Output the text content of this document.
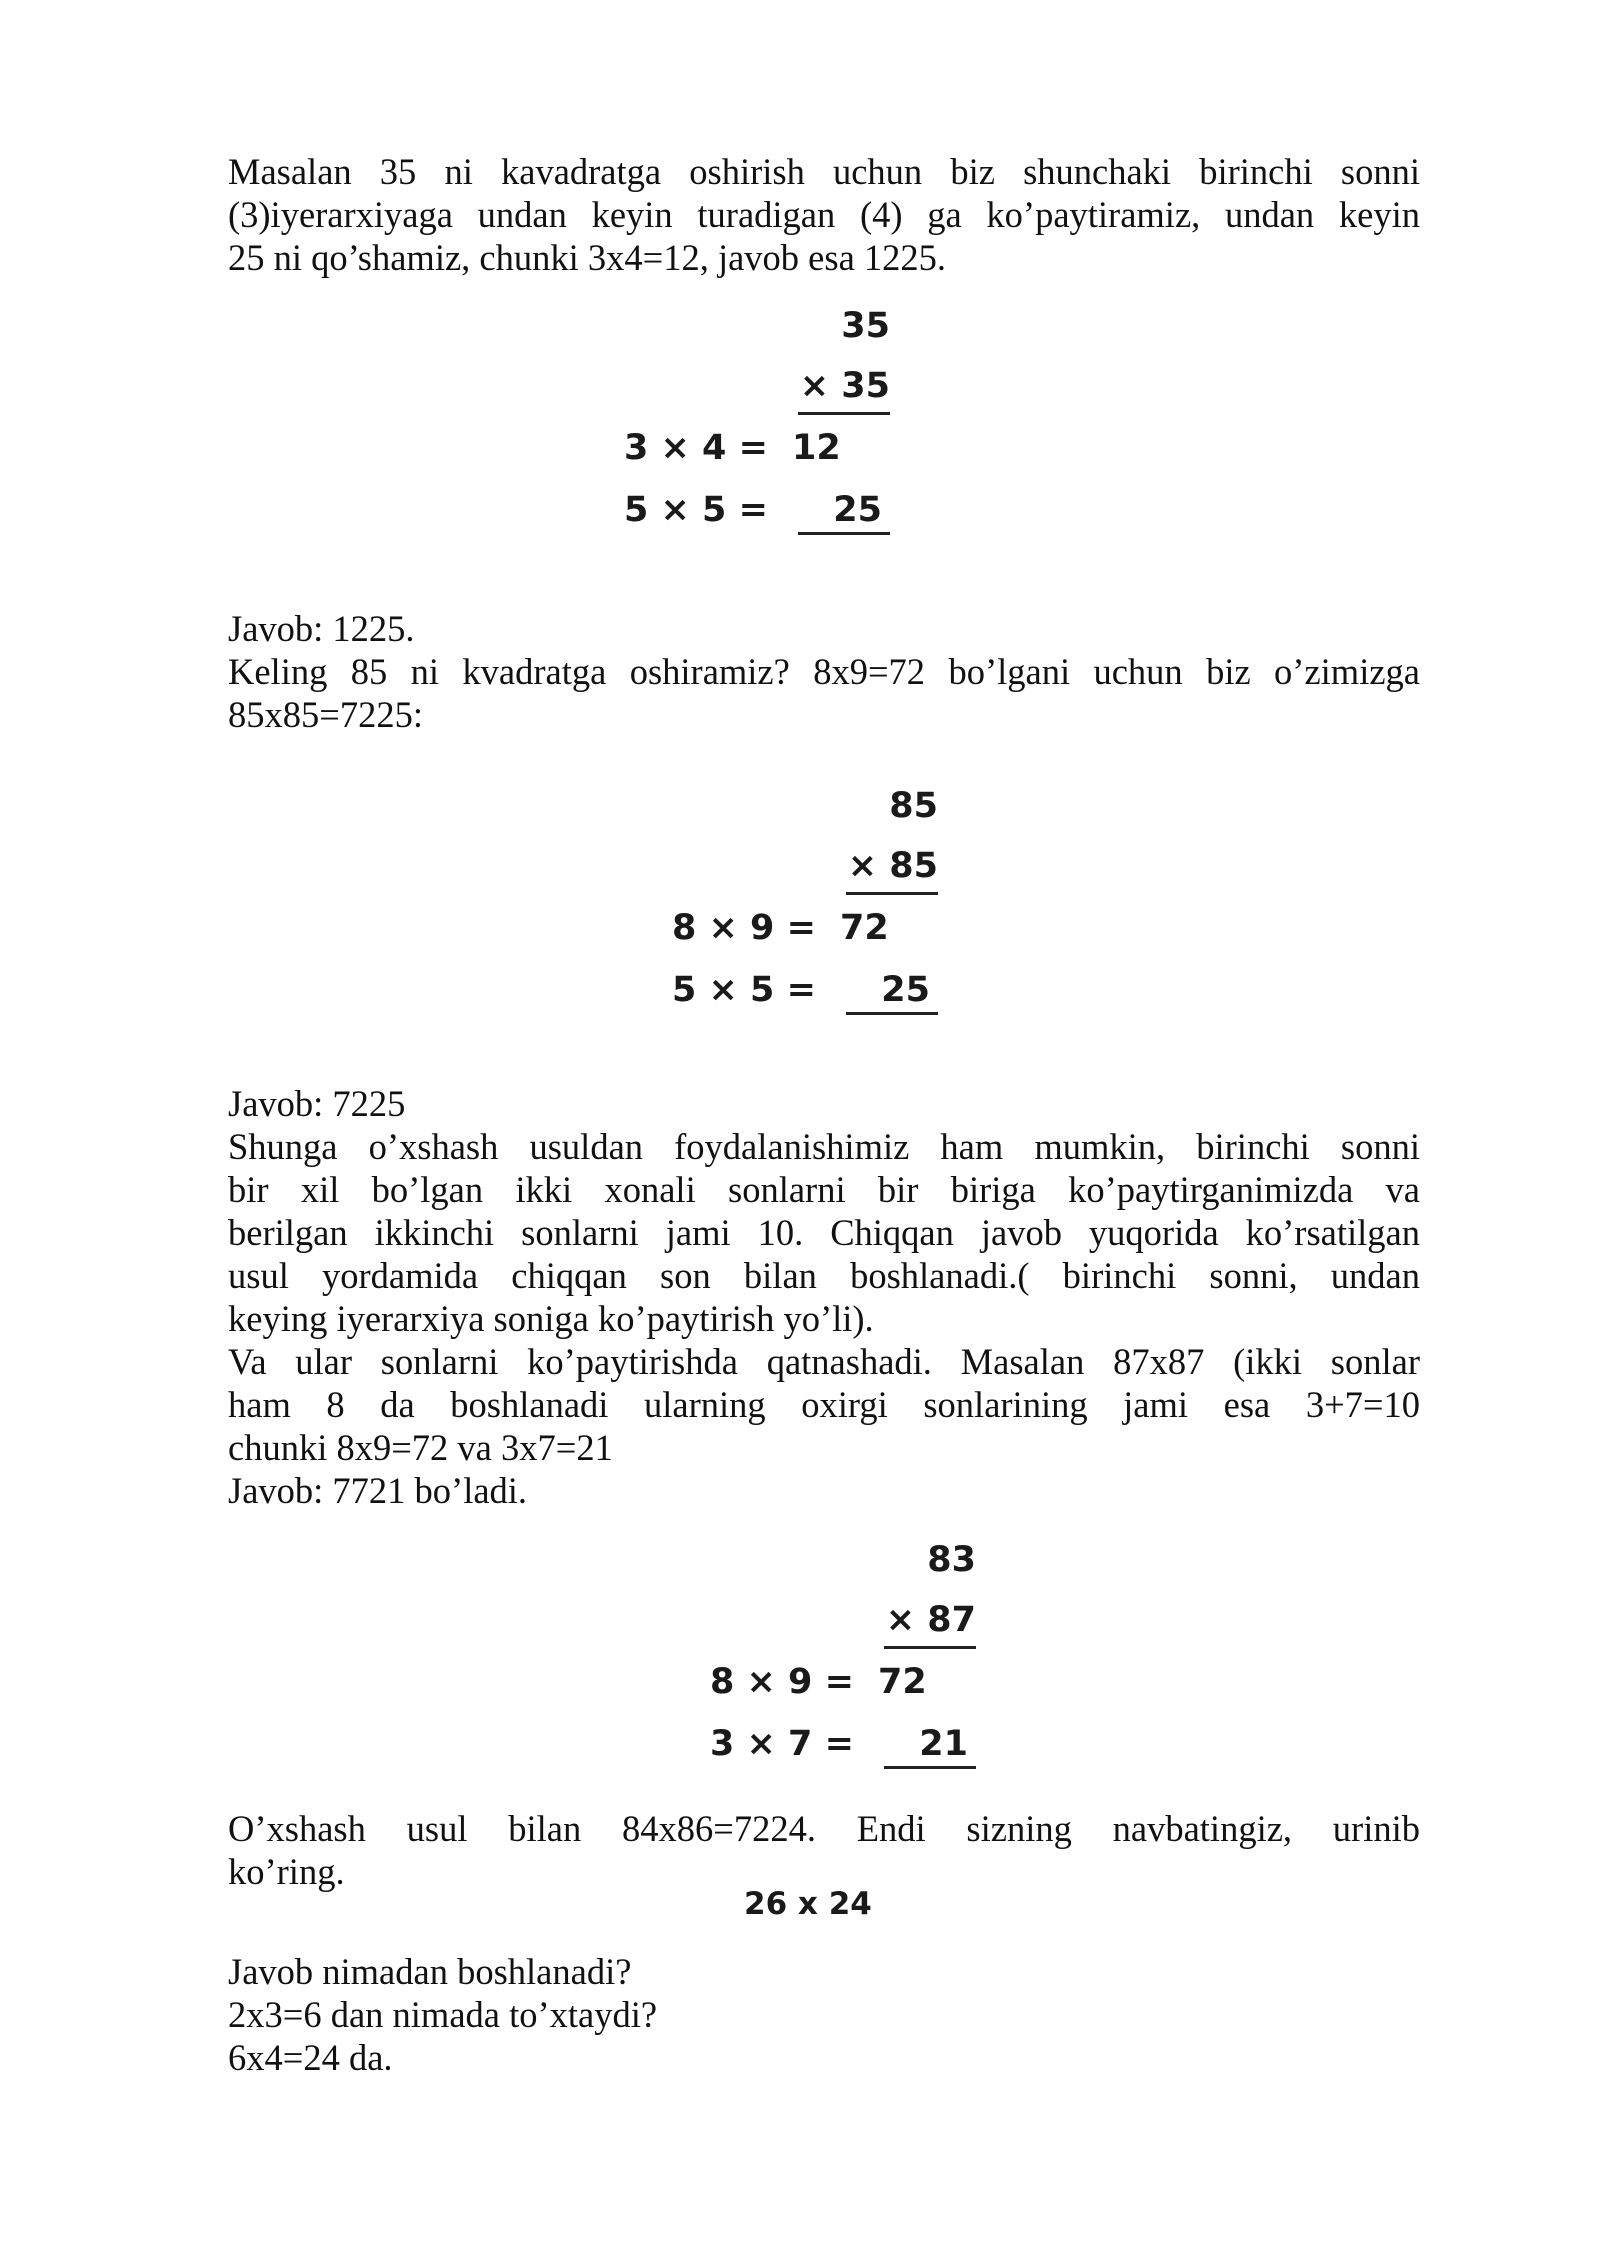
Masalan 35 ni kavadratga oshirish uchun biz shunchaki birinchi sonni

(3)iyerarxiyaga undan keyin turadigan (4) ga ko’paytiramiz, undan keyin

25 ni qo’shamiz, chunki 3x4=12, javob esa 1225.

35
× 35
3 × 4 = 12
5 × 5 =	25

Javob: 1225.

Keling 85 ni kvadratga oshiramiz? 8x9=72 bo’lgani uchun biz o’zimizga

85x85=7225:

85
× 85
8 × 9 = 72
5 × 5 =	25

Javob: 7225

Shunga o’xshash usuldan foydalanishimiz ham mumkin, birinchi sonni

bir xil bo’lgan ikki xonali sonlarni bir biriga ko’paytirganimizda va

berilgan ikkinchi sonlarni jami 10. Chiqqan javob yuqorida ko’rsatilgan

usul yordamida chiqqan son bilan boshlanadi.( birinchi sonni, undan

keying iyerarxiya soniga ko’paytirish yo’li).

Va ular sonlarni ko’paytirishda qatnashadi. Masalan 87x87 (ikki sonlar

ham 8 da boshlanadi ularning oxirgi sonlarining jami esa 3+7=10

chunki 8x9=72 va 3x7=21

Javob: 7721 bo’ladi.

83
× 87
8 × 9 = 72
3 × 7 =	21

O’xshash usul bilan 84x86=7224. Endi sizning navbatingiz, urinib

ko’ring.

26 x 24

Javob nimadan boshlanadi?

2x3=6 dan nimada to’xtaydi?

6x4=24 da.
